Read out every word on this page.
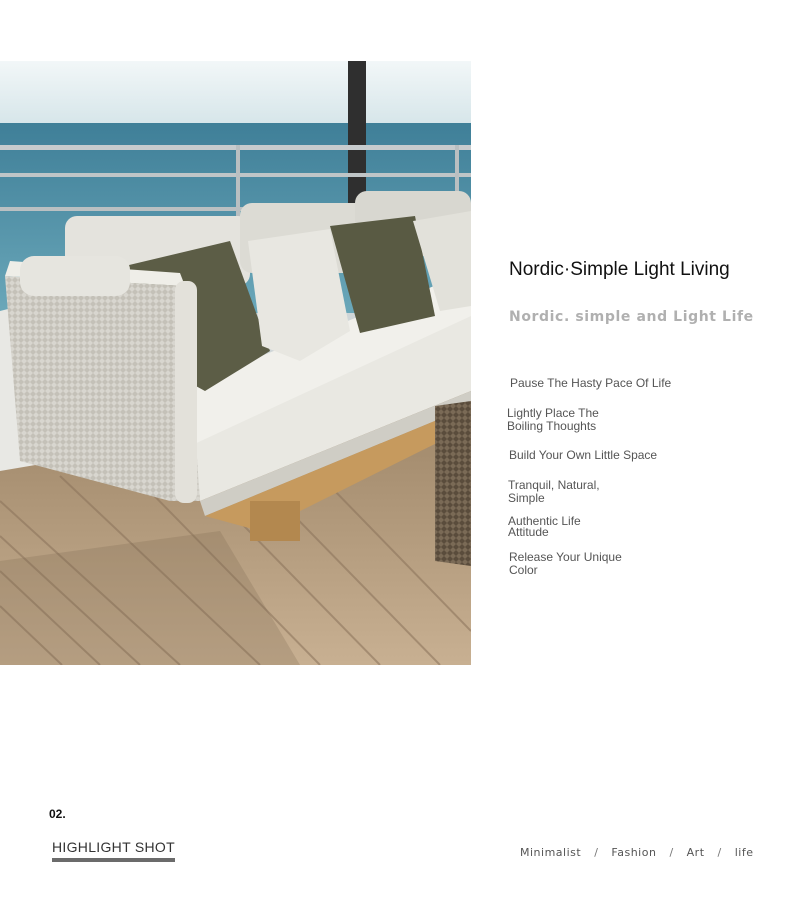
Nordic·Simple Light Living
Nordic. simple and Light Life

Pause The Hasty Pace Of Life

Lightly Place The Boiling Thoughts

Build Your Own Little Space

Tranquil, Natural, Simple

Authentic Life Attitude

Release Your Unique Color

02.

HIGHLIGHT SHOT	Minimalist / Fashion / Art / life
